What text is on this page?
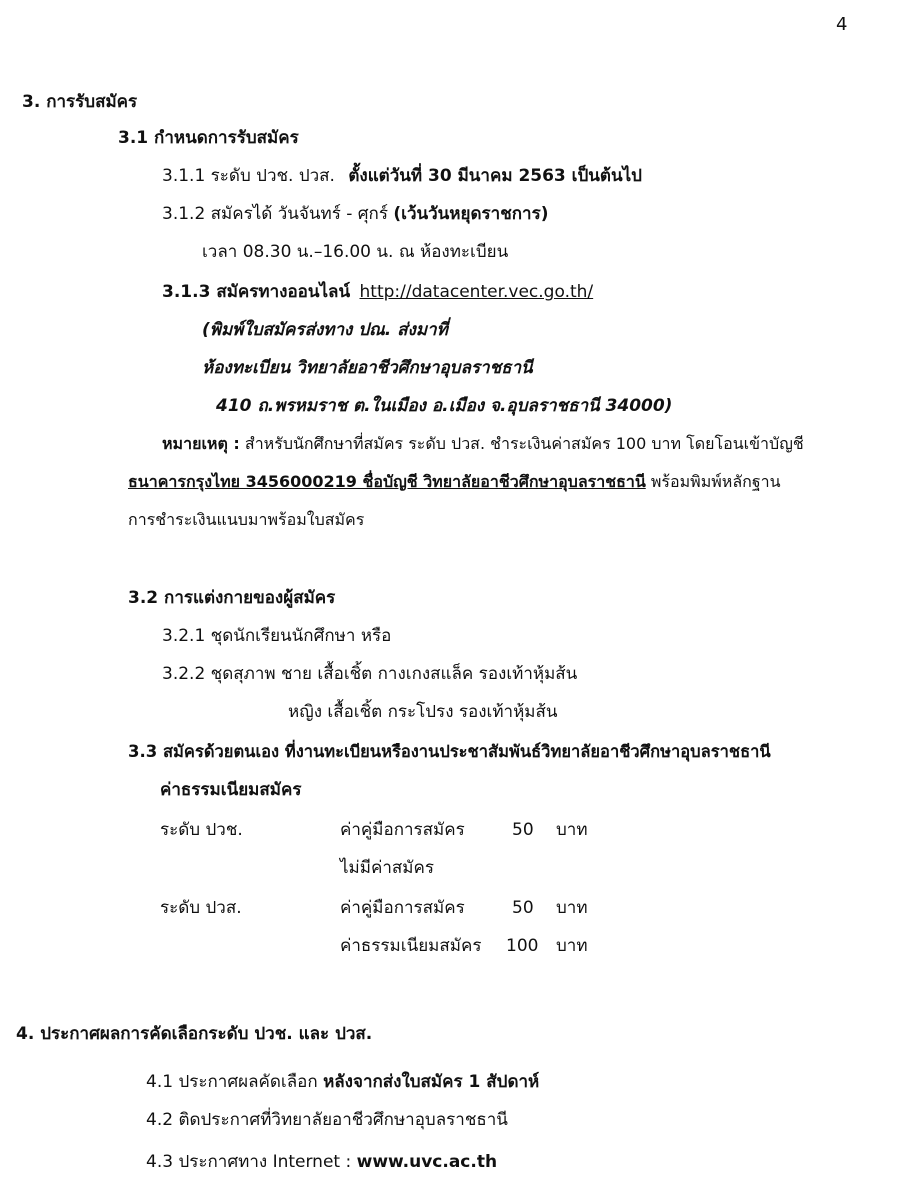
4
3. การรับสมัคร
3.1 กำหนดการรับสมัคร
3.1.1 ระดับ ปวช. ปวส. ตั้งแต่วันที่ 30 มีนาคม 2563 เป็นต้นไป
3.1.2 สมัครได้ วันจันทร์ - ศุกร์ (เว้นวันหยุดราชการ)
เวลา 08.30 น.–16.00 น. ณ ห้องทะเบียน
3.1.3 สมัครทางออนไลน์ http://datacenter.vec.go.th/
(พิมพ์ใบสมัครส่งทาง ปณ. ส่งมาที่
ห้องทะเบียน วิทยาลัยอาชีวศึกษาอุบลราชธานี
410 ถ.พรหมราช ต.ในเมือง อ.เมือง จ.อุบลราชธานี 34000)
หมายเหตุ : สำหรับนักศึกษาที่สมัคร ระดับ ปวส. ชำระเงินค่าสมัคร 100 บาท โดยโอนเข้าบัญชี
ธนาคารกรุงไทย 3456000219 ชื่อบัญชี วิทยาลัยอาชีวศึกษาอุบลราชธานี พร้อมพิมพ์หลักฐาน
การชำระเงินแนบมาพร้อมใบสมัคร
3.2 การแต่งกายของผู้สมัคร
3.2.1 ชุดนักเรียนนักศึกษา หรือ
3.2.2 ชุดสุภาพ ชาย เสื้อเชิ้ต กางเกงสแล็ค รองเท้าหุ้มส้น
หญิง เสื้อเชิ้ต กระโปรง รองเท้าหุ้มส้น
3.3 สมัครด้วยตนเอง ที่งานทะเบียนหรืองานประชาสัมพันธ์วิทยาลัยอาชีวศึกษาอุบลราชธานี
ค่าธรรมเนียมสมัคร
ระดับ ปวช.	ค่าคู่มือการสมัคร	50 บาท
ไม่มีค่าสมัคร
ระดับ ปวส.	ค่าคู่มือการสมัคร	50 บาท
ค่าธรรมเนียมสมัคร 100 บาท
4. ประกาศผลการคัดเลือกระดับ ปวช. และ ปวส.
4.1 ประกาศผลคัดเลือก หลังจากส่งใบสมัคร 1 สัปดาห์
4.2 ติดประกาศที่วิทยาลัยอาชีวศึกษาอุบลราชธานี
4.3 ประกาศทาง Internet : www.uvc.ac.th
